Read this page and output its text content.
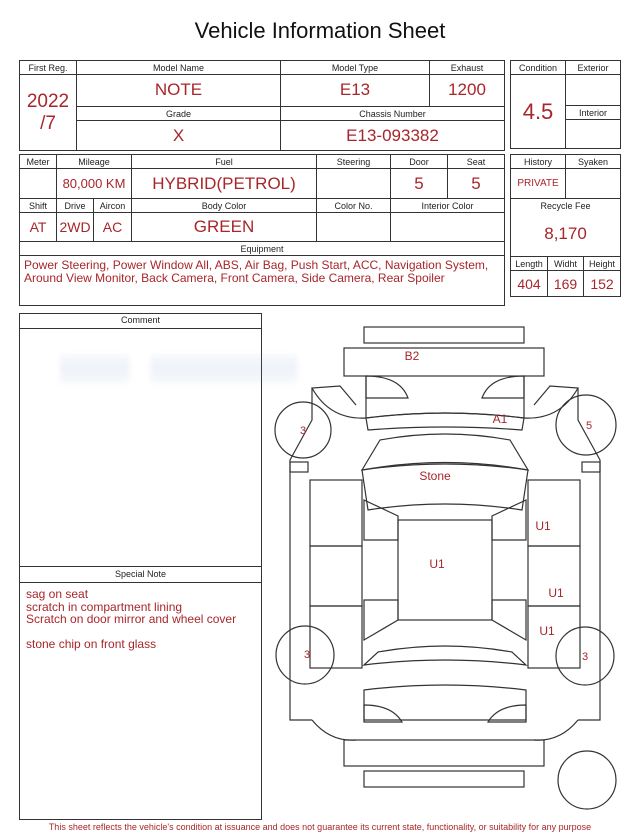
Vehicle Information Sheet
First Reg.	Model Name	Model Type	Exhaust

2022
/7	NOTE	E13	1200
	Grade	Chassis Number	
	X	E13-093382	
Condition	Exterior
4.5	
	Interior

Meter	Mileage		Fuel	Steering	Door	Seat
	80,000 KM		HYBRID(PETROL)		5	5
Shift	Drive	Aircon	Body Color	Color No.	Interior Color	
AT	2WD	AC	GREEN			
Equipment						

Power Steering, Power Window All, ABS, Air Bag, Push Start, ACC, Navigation System,
Around View Monitor, Back Camera, Front Camera, Side Camera, Rear Spoiler						
History		Syaken	
PRIVATE			
Recycle Fee			
8,170			
Length	Widht		Height
404	169		152
Comment
Special Note
sag on seat
scratch in compartment lining
Scratch on door mirror and wheel cover
stone chip on front glass
B2
A1
Stone
U1
U1
U1
U1
3	5
3	3
This sheet reflects the vehicle's condition at issuance and does not guarantee its current state, functionality, or suitability for any purpose
